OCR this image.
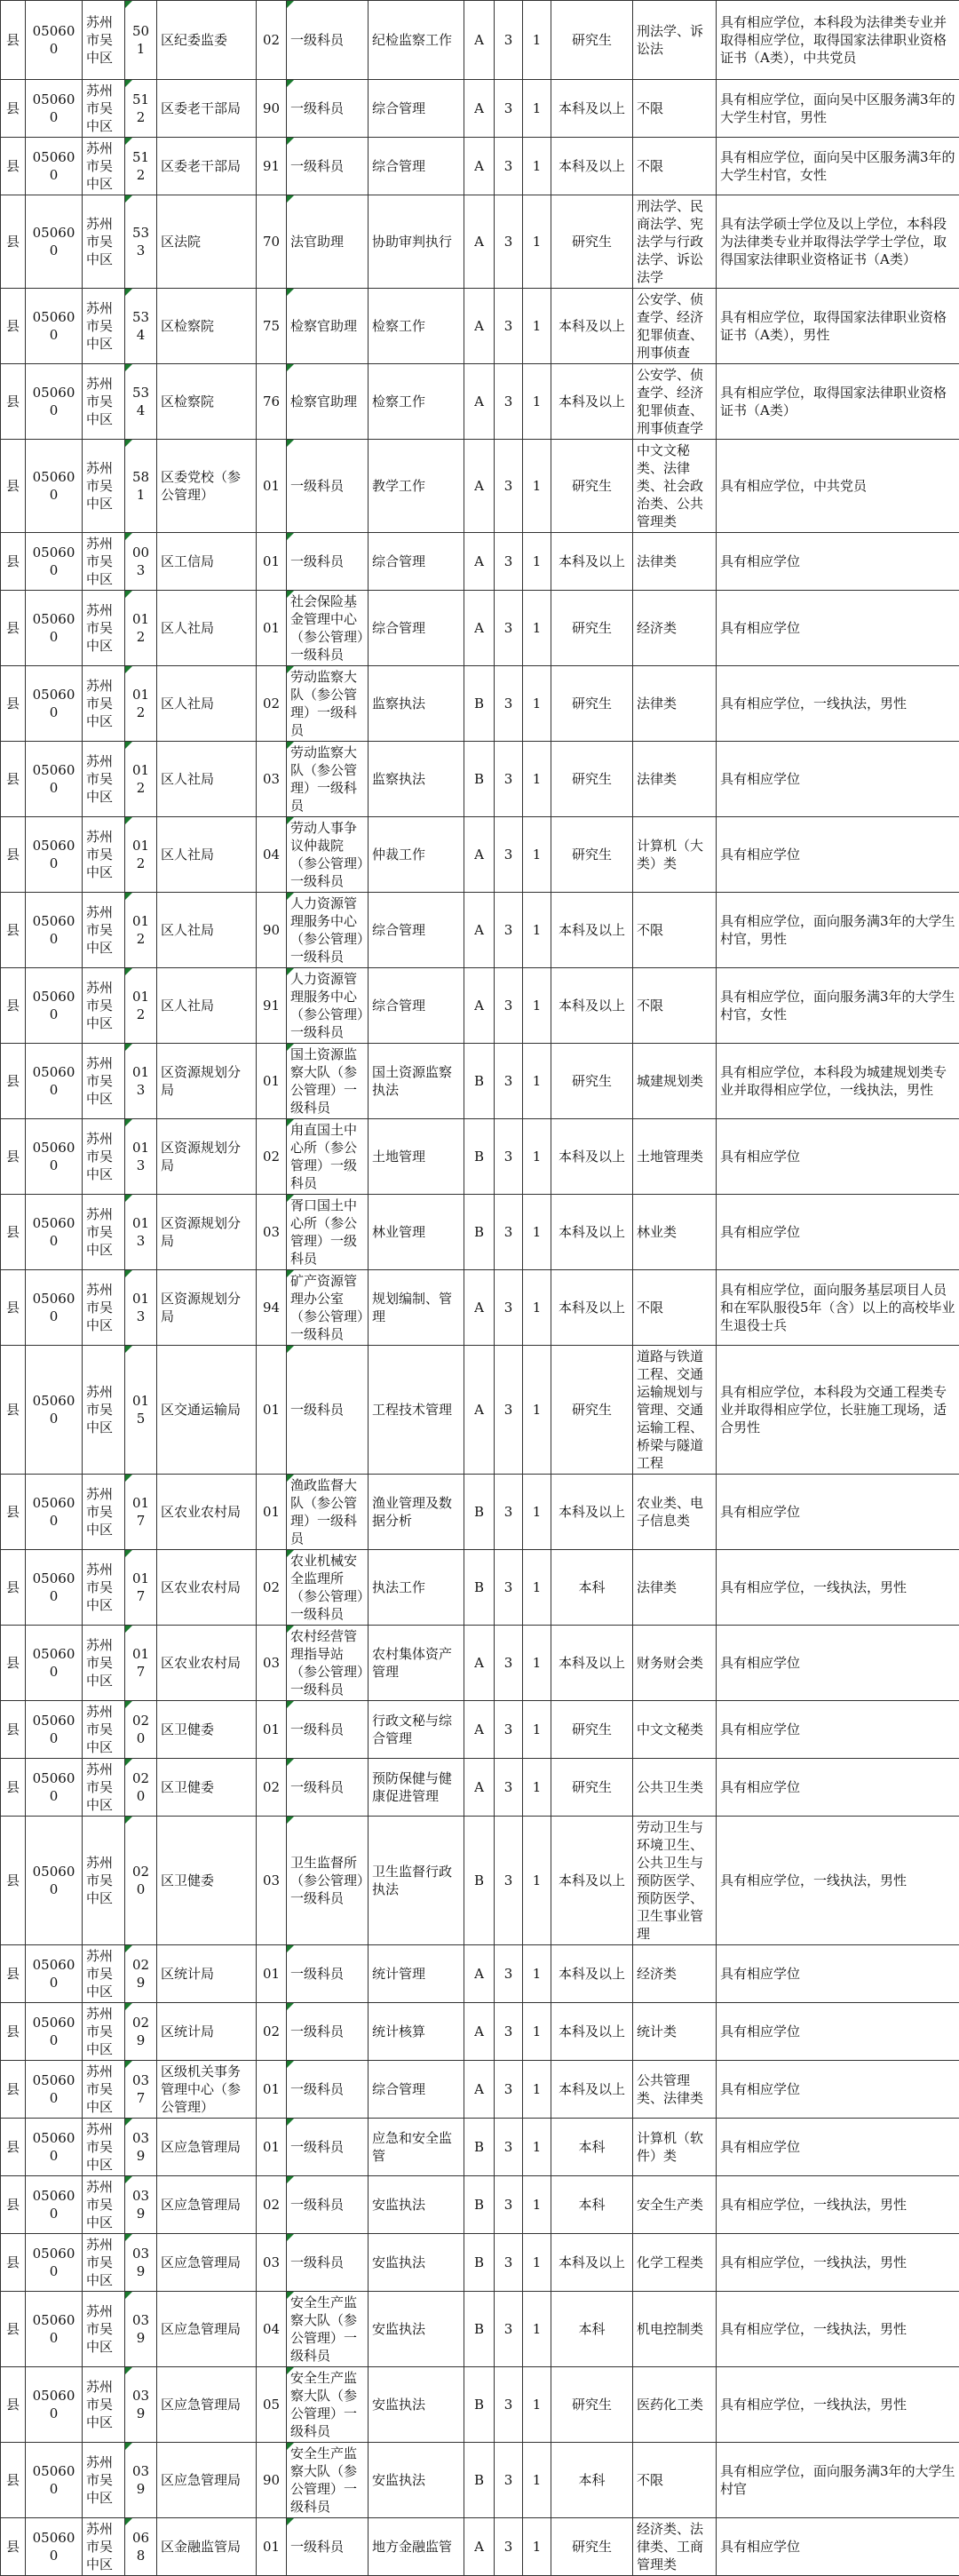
县	050600	苏州市吴中区	501	区纪委监委	02	一级科员	纪检监察工作	A	3	1	研究生	刑法学、诉讼法	具有相应学位，本科段为法律类专业并取得相应学位，取得国家法律职业资格证书（A类），中共党员
县	050600	苏州市吴中区	512	区委老干部局	90	一级科员	综合管理	A	3	1	本科及以上	不限	具有相应学位，面向吴中区服务满3年的大学生村官，男性
县	050600	苏州市吴中区	512	区委老干部局	91	一级科员	综合管理	A	3	1	本科及以上	不限	具有相应学位，面向吴中区服务满3年的大学生村官，女性
县	050600	苏州市吴中区	533	区法院	70	法官助理	协助审判执行	A	3	1	研究生	刑法学、民商法学、宪法学与行政法学、诉讼法学	具有法学硕士学位及以上学位，本科段为法律类专业并取得法学学士学位，取得国家法律职业资格证书（A类）
县	050600	苏州市吴中区	534	区检察院	75	检察官助理	检察工作	A	3	1	本科及以上	公安学、侦查学、经济犯罪侦查、刑事侦查	具有相应学位，取得国家法律职业资格证书（A类），男性
县	050600	苏州市吴中区	534	区检察院	76	检察官助理	检察工作	A	3	1	本科及以上	公安学、侦查学、经济犯罪侦查、刑事侦查学	具有相应学位，取得国家法律职业资格证书（A类）
县	050600	苏州市吴中区	581	区委党校（参公管理）	01	一级科员	教学工作	A	3	1	研究生	中文文秘类、法律类、社会政治类、公共管理类	具有相应学位，中共党员
县	050600	苏州市吴中区	003	区工信局	01	一级科员	综合管理	A	3	1	本科及以上	法律类	具有相应学位
县	050600	苏州市吴中区	012	区人社局	01	社会保险基金管理中心（参公管理）一级科员	综合管理	A	3	1	研究生	经济类	具有相应学位
县	050600	苏州市吴中区	012	区人社局	02	劳动监察大队（参公管理）一级科员	监察执法	B	3	1	研究生	法律类	具有相应学位，一线执法，男性
县	050600	苏州市吴中区	012	区人社局	03	劳动监察大队（参公管理）一级科员	监察执法	B	3	1	研究生	法律类	具有相应学位
县	050600	苏州市吴中区	012	区人社局	04	劳动人事争议仲裁院（参公管理）一级科员	仲裁工作	A	3	1	研究生	计算机（大类）类	具有相应学位
县	050600	苏州市吴中区	012	区人社局	90	人力资源管理服务中心（参公管理）一级科员	综合管理	A	3	1	本科及以上	不限	具有相应学位，面向服务满3年的大学生村官，男性
县	050600	苏州市吴中区	012	区人社局	91	人力资源管理服务中心（参公管理）一级科员	综合管理	A	3	1	本科及以上	不限	具有相应学位，面向服务满3年的大学生村官，女性
县	050600	苏州市吴中区	013	区资源规划分局	01	国土资源监察大队（参公管理）一级科员	国土资源监察执法	B	3	1	研究生	城建规划类	具有相应学位，本科段为城建规划类专业并取得相应学位，一线执法，男性
县	050600	苏州市吴中区	013	区资源规划分局	02	甪直国土中心所（参公管理）一级科员	土地管理	B	3	1	本科及以上	土地管理类	具有相应学位
县	050600	苏州市吴中区	013	区资源规划分局	03	胥口国土中心所（参公管理）一级科员	林业管理	B	3	1	本科及以上	林业类	具有相应学位
县	050600	苏州市吴中区	013	区资源规划分局	94	矿产资源管理办公室（参公管理）一级科员	规划编制、管理	A	3	1	本科及以上	不限	具有相应学位，面向服务基层项目人员和在军队服役5年（含）以上的高校毕业生退役士兵
县	050600	苏州市吴中区	015	区交通运输局	01	一级科员	工程技术管理	A	3	1	研究生	道路与铁道工程、交通运输规划与管理、交通运输工程、桥梁与隧道工程	具有相应学位，本科段为交通工程类专业并取得相应学位，长驻施工现场，适合男性
县	050600	苏州市吴中区	017	区农业农村局	01	渔政监督大队（参公管理）一级科员	渔业管理及数据分析	B	3	1	本科及以上	农业类、电子信息类	具有相应学位
县	050600	苏州市吴中区	017	区农业农村局	02	农业机械安全监理所（参公管理）一级科员	执法工作	B	3	1	本科	法律类	具有相应学位，一线执法，男性
县	050600	苏州市吴中区	017	区农业农村局	03	农村经营管理指导站（参公管理）一级科员	农村集体资产管理	A	3	1	本科及以上	财务财会类	具有相应学位
县	050600	苏州市吴中区	020	区卫健委	01	一级科员	行政文秘与综合管理	A	3	1	研究生	中文文秘类	具有相应学位
县	050600	苏州市吴中区	020	区卫健委	02	一级科员	预防保健与健康促进管理	A	3	1	研究生	公共卫生类	具有相应学位
县	050600	苏州市吴中区	020	区卫健委	03	卫生监督所（参公管理）一级科员	卫生监督行政执法	B	3	1	本科及以上	劳动卫生与环境卫生、公共卫生与预防医学、预防医学、卫生事业管理	具有相应学位，一线执法，男性
县	050600	苏州市吴中区	029	区统计局	01	一级科员	统计管理	A	3	1	本科及以上	经济类	具有相应学位
县	050600	苏州市吴中区	029	区统计局	02	一级科员	统计核算	A	3	1	本科及以上	统计类	具有相应学位
县	050600	苏州市吴中区	037	区级机关事务管理中心（参公管理）	01	一级科员	综合管理	A	3	1	本科及以上	公共管理类、法律类	具有相应学位
县	050600	苏州市吴中区	039	区应急管理局	01	一级科员	应急和安全监管	B	3	1	本科	计算机（软件）类	具有相应学位
县	050600	苏州市吴中区	039	区应急管理局	02	一级科员	安监执法	B	3	1	本科	安全生产类	具有相应学位，一线执法，男性
县	050600	苏州市吴中区	039	区应急管理局	03	一级科员	安监执法	B	3	1	本科及以上	化学工程类	具有相应学位，一线执法，男性
县	050600	苏州市吴中区	039	区应急管理局	04	安全生产监察大队（参公管理）一级科员	安监执法	B	3	1	本科	机电控制类	具有相应学位，一线执法，男性
县	050600	苏州市吴中区	039	区应急管理局	05	安全生产监察大队（参公管理）一级科员	安监执法	B	3	1	研究生	医药化工类	具有相应学位，一线执法，男性
县	050600	苏州市吴中区	039	区应急管理局	90	安全生产监察大队（参公管理）一级科员	安监执法	B	3	1	本科	不限	具有相应学位，面向服务满3年的大学生村官
县	050600	苏州市吴中区	068	区金融监管局	01	一级科员	地方金融监管	A	3	1	研究生	经济类、法律类、工商管理类	具有相应学位
